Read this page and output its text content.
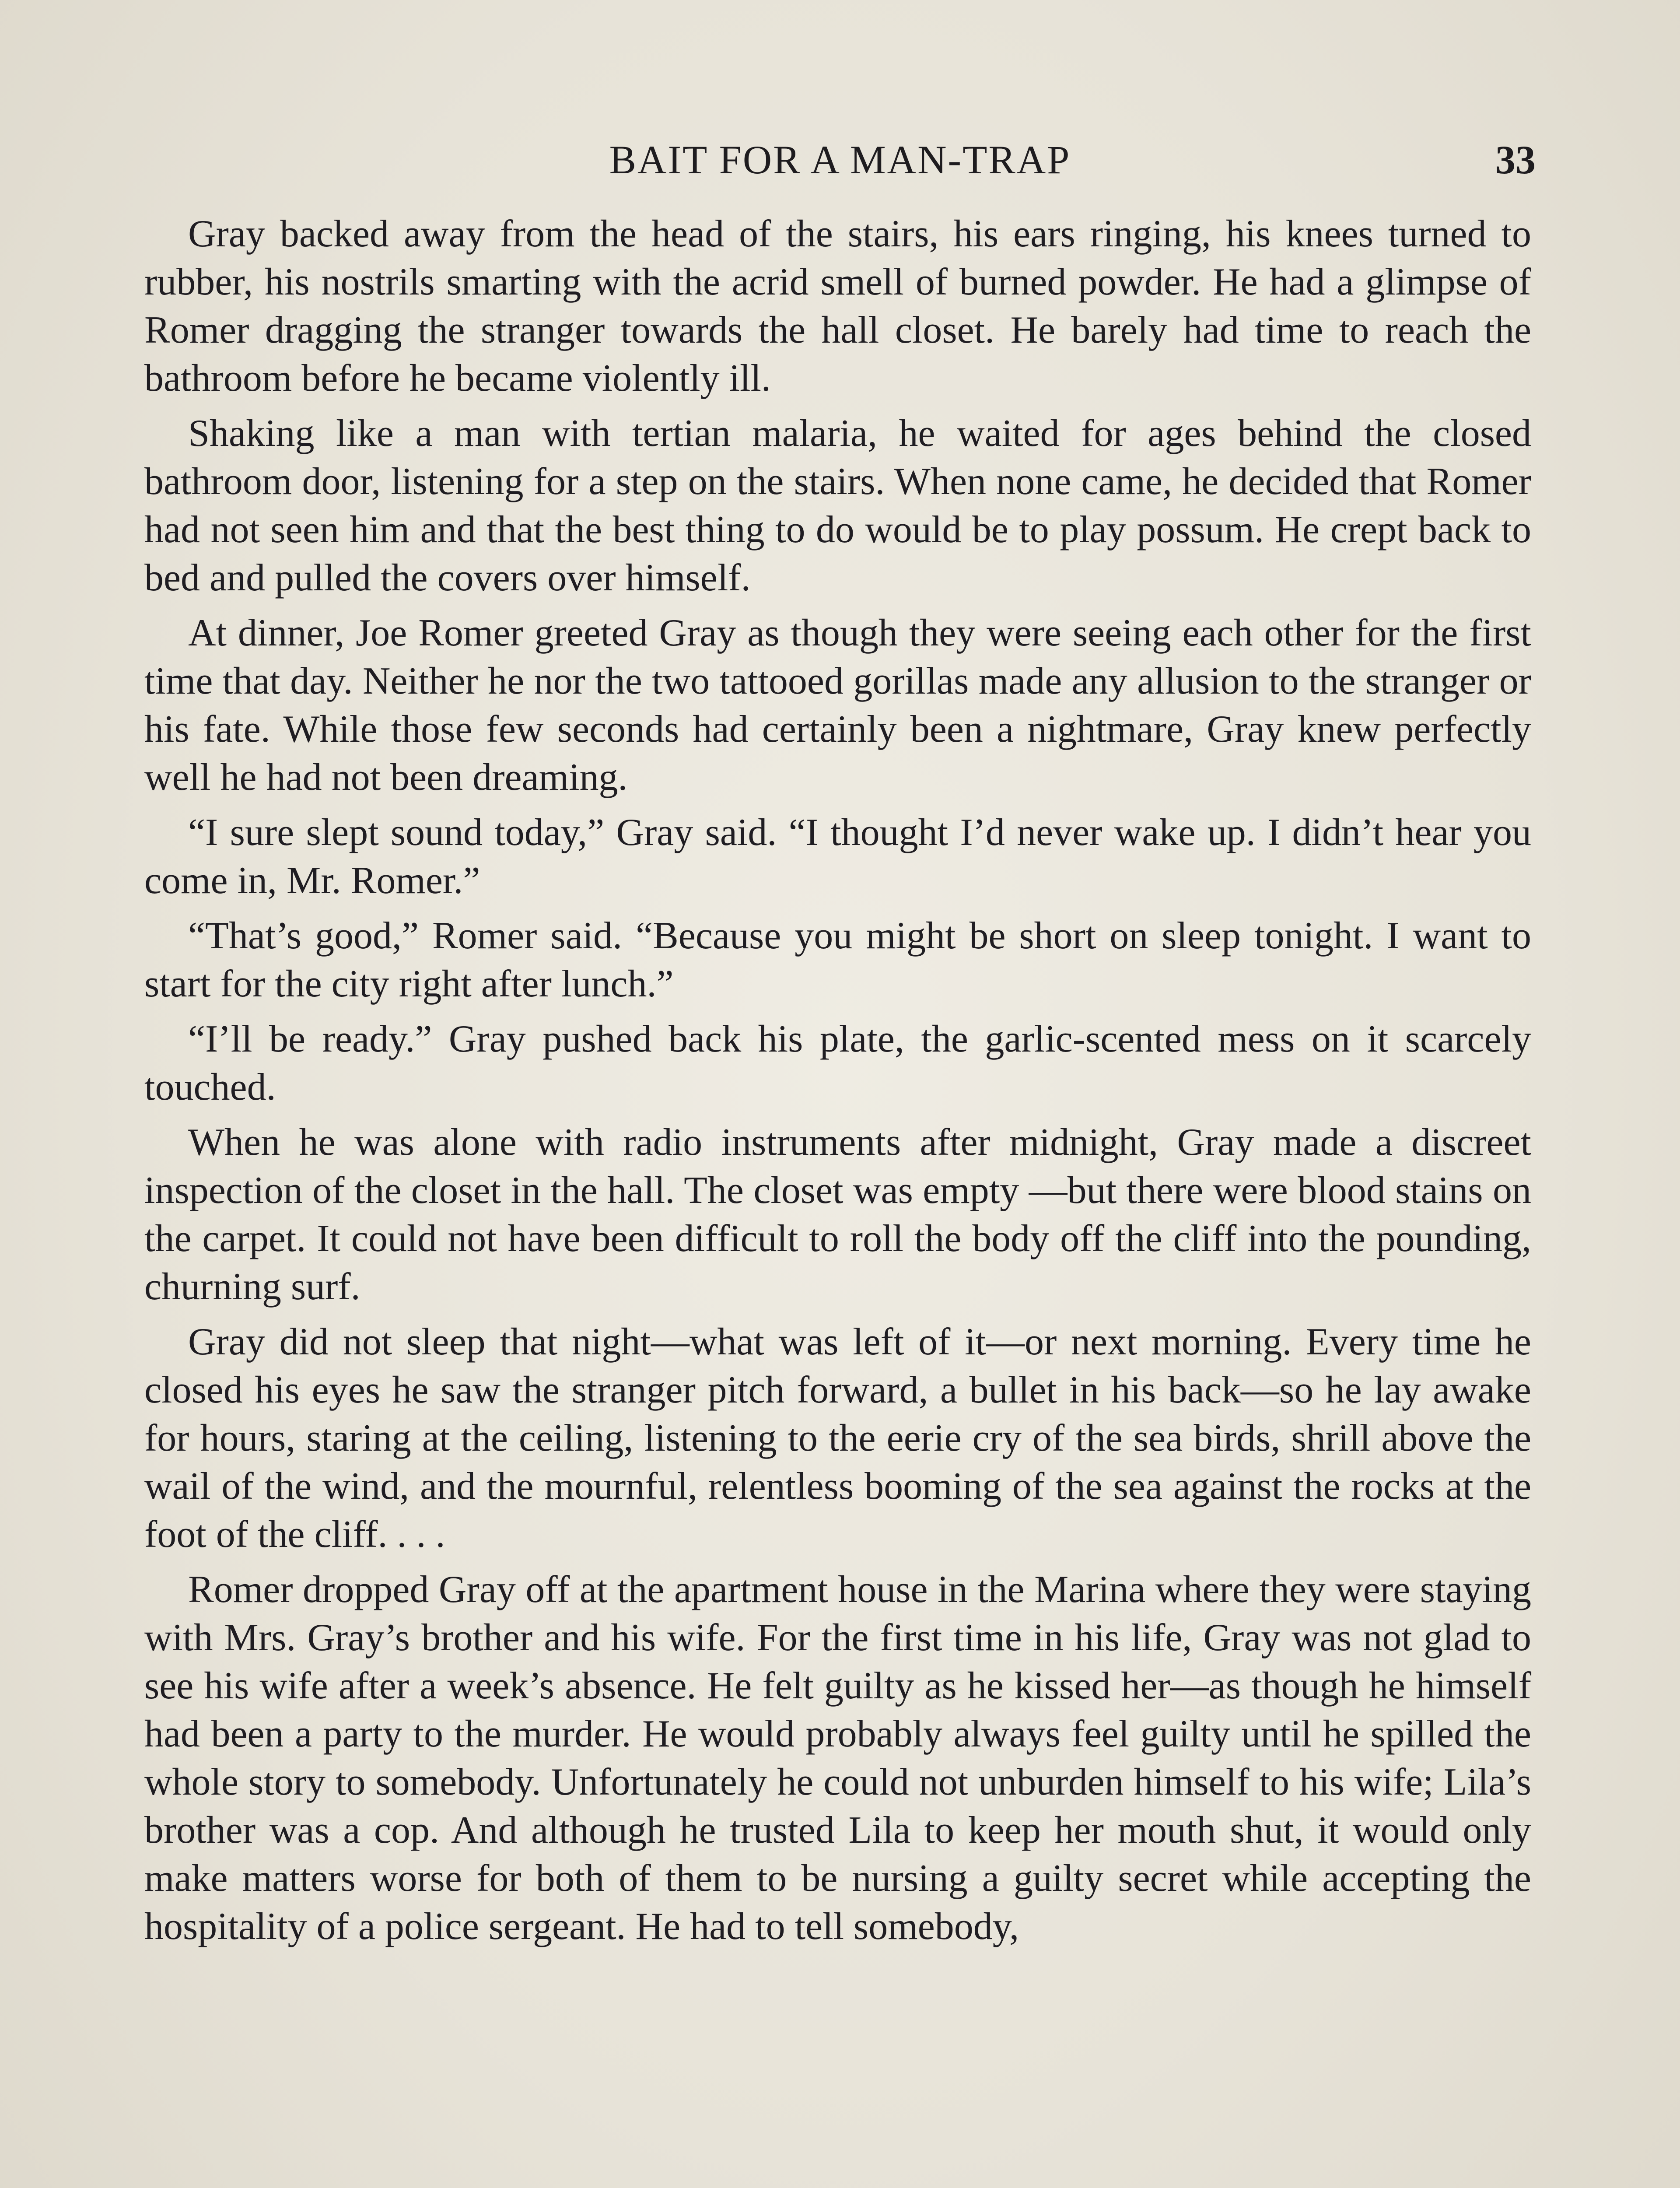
BAIT FOR A MAN-TRAP	33

Gray backed away from the head of the stairs, his ears ringing, his knees turned to rubber, his nostrils smarting with the acrid smell of burned powder. He had a glimpse of Romer dragging the stranger towards the hall closet. He barely had time to reach the bathroom before he became violently ill.

Shaking like a man with tertian malaria, he waited for ages behind the closed bathroom door, listening for a step on the stairs. When none came, he decided that Romer had not seen him and that the best thing to do would be to play possum. He crept back to bed and pulled the covers over himself.

At dinner, Joe Romer greeted Gray as though they were seeing each other for the first time that day. Neither he nor the two tattooed gorillas made any allusion to the stranger or his fate. While those few seconds had certainly been a nightmare, Gray knew perfectly well he had not been dreaming.

“I sure slept sound today,” Gray said. “I thought I’d never wake up. I didn’t hear you come in, Mr. Romer.”

“That’s good,” Romer said. “Because you might be short on sleep tonight. I want to start for the city right after lunch.”

“I’ll be ready.” Gray pushed back his plate, the garlic-scented mess on it scarcely touched.

When he was alone with radio instruments after midnight, Gray made a discreet inspection of the closet in the hall. The closet was empty —but there were blood stains on the carpet. It could not have been difficult to roll the body off the cliff into the pounding, churning surf.

Gray did not sleep that night—what was left of it—or next morning. Every time he closed his eyes he saw the stranger pitch forward, a bullet in his back—so he lay awake for hours, staring at the ceiling, listening to the eerie cry of the sea birds, shrill above the wail of the wind, and the mournful, relentless booming of the sea against the rocks at the foot of the cliff. . . .

Romer dropped Gray off at the apartment house in the Marina where they were staying with Mrs. Gray’s brother and his wife. For the first time in his life, Gray was not glad to see his wife after a week’s absence. He felt guilty as he kissed her—as though he himself had been a party to the murder. He would probably always feel guilty until he spilled the whole story to somebody. Unfortunately he could not unburden himself to his wife; Lila’s brother was a cop. And although he trusted Lila to keep her mouth shut, it would only make matters worse for both of them to be nursing a guilty secret while accepting the hospitality of a police sergeant. He had to tell somebody,
